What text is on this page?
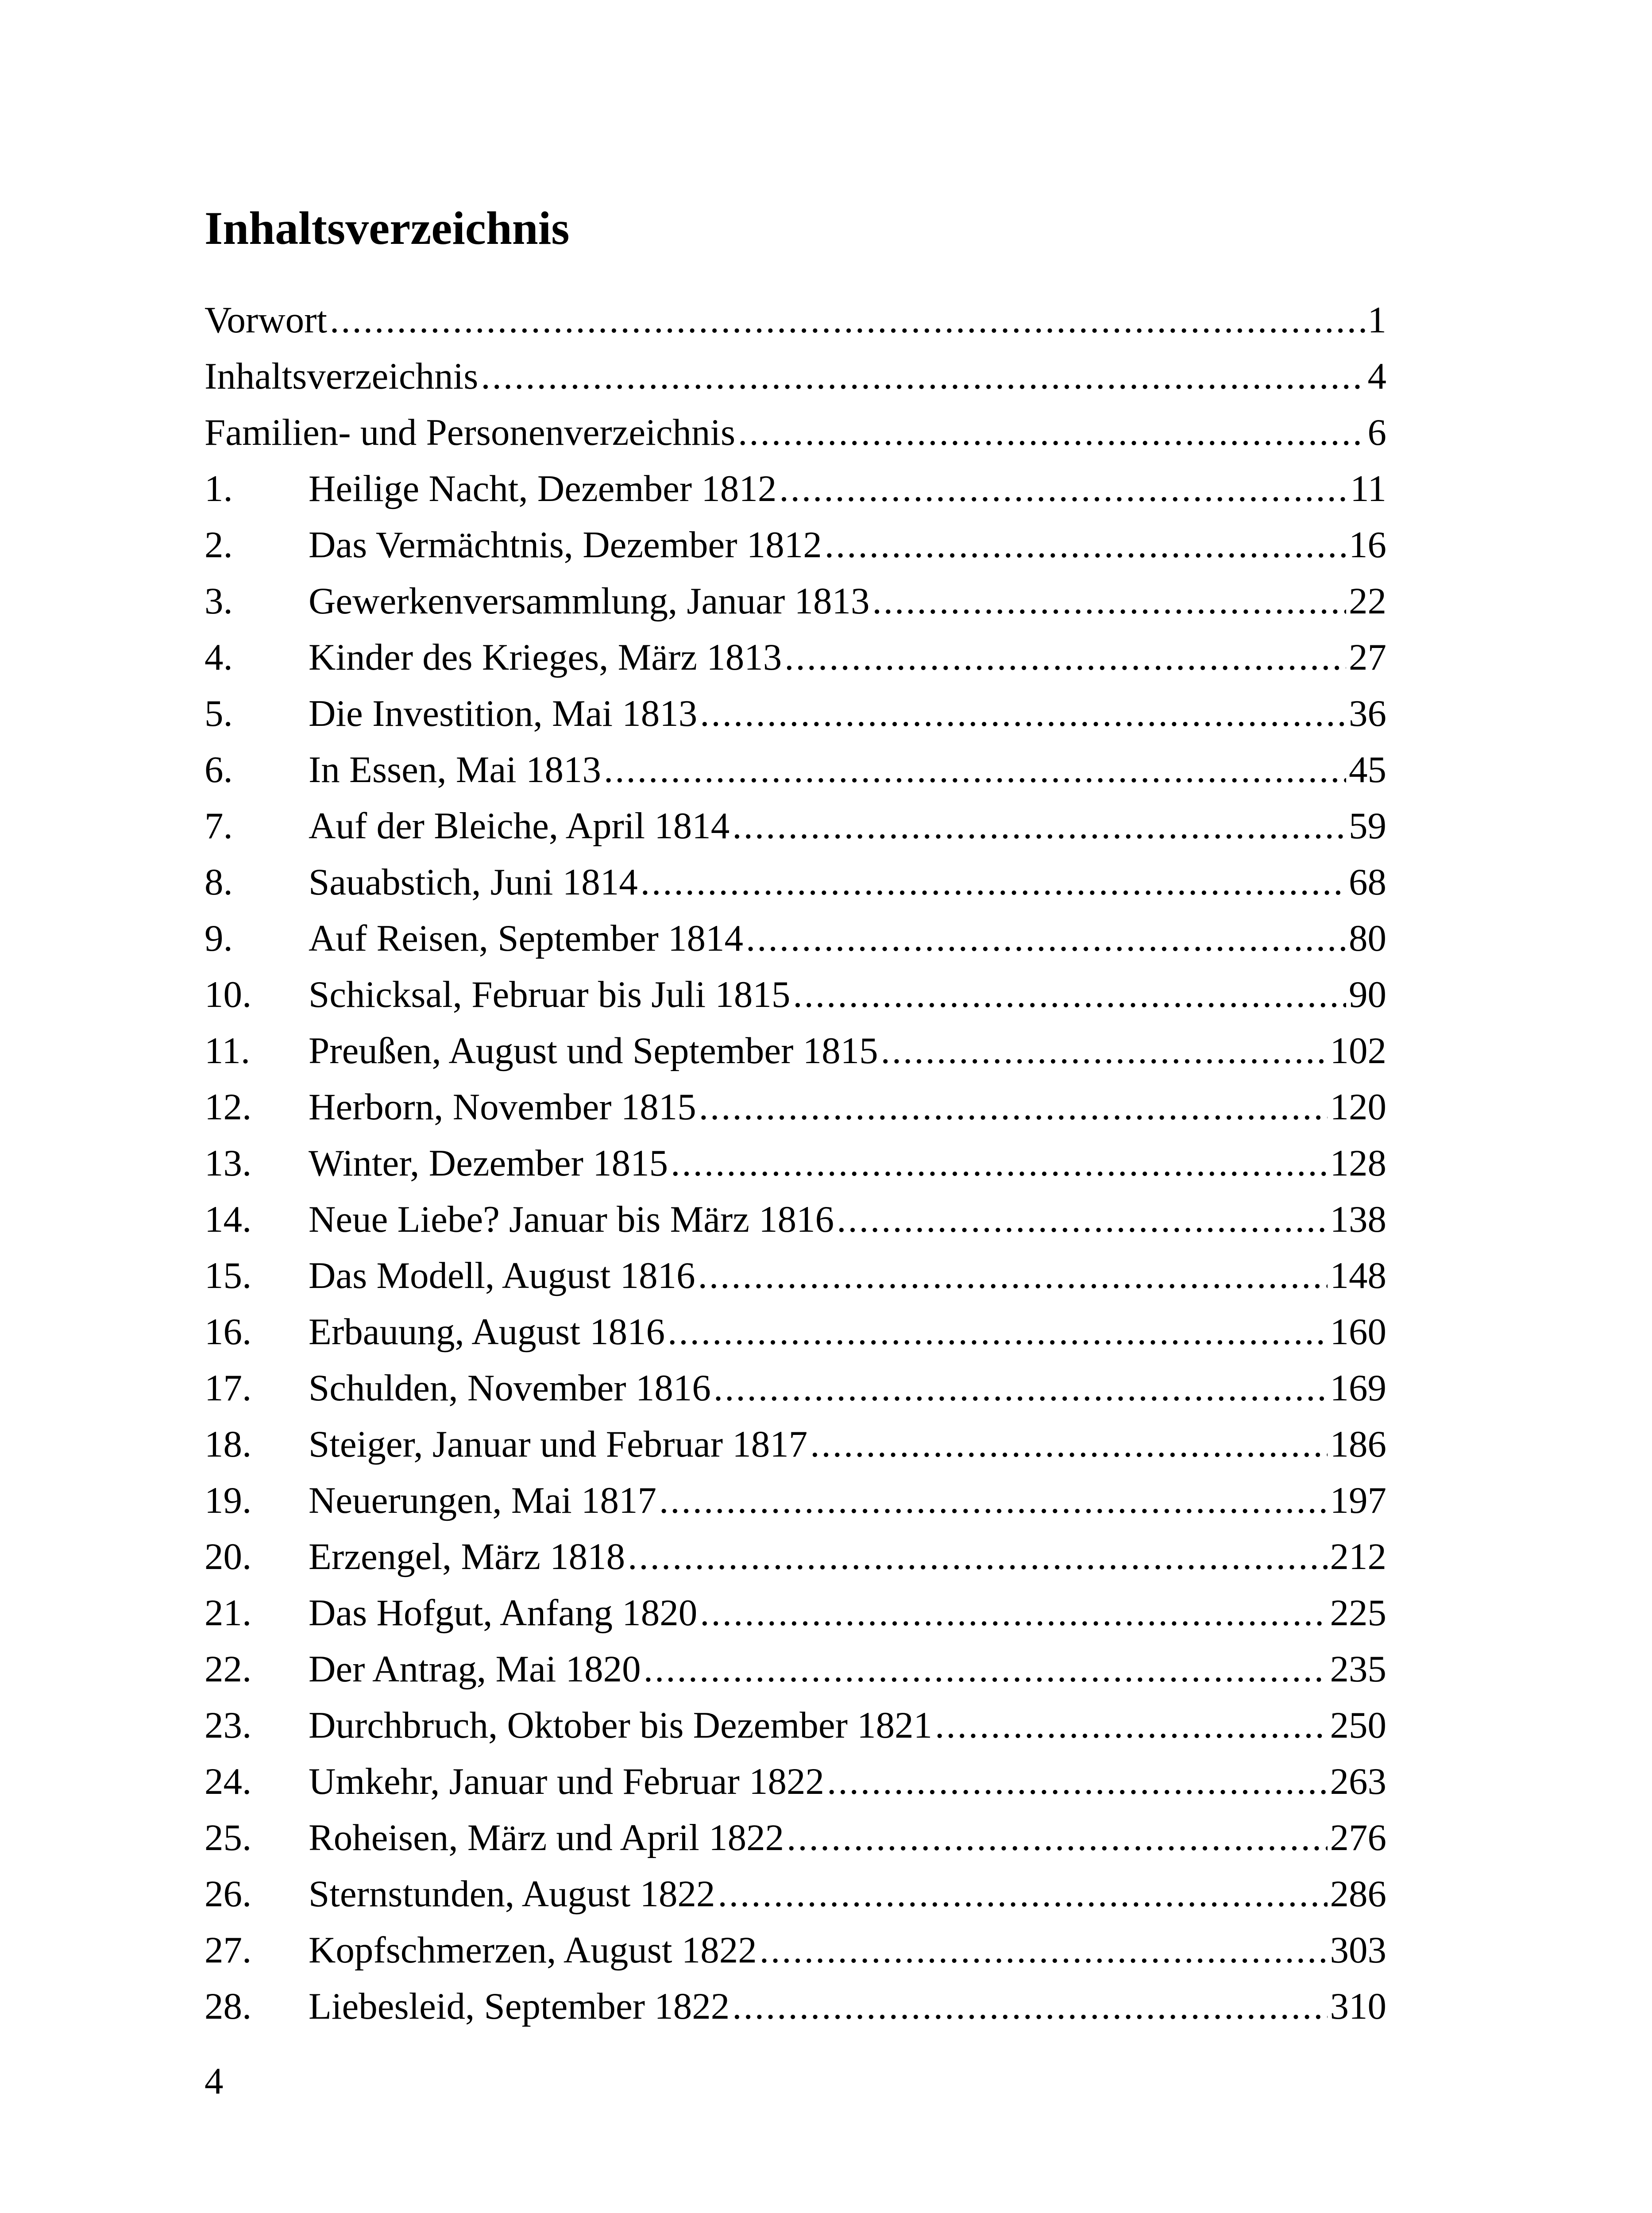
Inhaltsverzeichnis
Vorwort .....	1
Inhaltsverzeichnis .....	4
Familien- und Personenverzeichnis .....	6
1.	Heilige Nacht, Dezember 1812 .....	11
2.	Das Vermächtnis, Dezember 1812 .....	16
3.	Gewerkenversammlung, Januar 1813 .....	22
4.	Kinder des Krieges, März 1813 .....	27
5.	Die Investition, Mai 1813 .....	36
6.	In Essen, Mai 1813 .....	45
7.	Auf der Bleiche, April 1814 .....	59
8.	Sauabstich, Juni 1814 .....	68
9.	Auf Reisen, September 1814 .....	80
10.	Schicksal, Februar bis Juli 1815 .....	90
11.	Preußen, August und September 1815 .....	102
12.	Herborn, November 1815 .....	120
13.	Winter, Dezember 1815 .....	128
14.	Neue Liebe? Januar bis März 1816 .....	138
15.	Das Modell, August 1816 .....	148
16.	Erbauung, August 1816 .....	160
17.	Schulden, November 1816 .....	169
18.	Steiger, Januar und Februar 1817 .....	186
19.	Neuerungen, Mai 1817 .....	197
20.	Erzengel, März 1818 .....	212
21.	Das Hofgut, Anfang 1820 .....	225
22.	Der Antrag, Mai 1820 .....	235
23.	Durchbruch, Oktober bis Dezember 1821 .....	250
24.	Umkehr, Januar und Februar 1822 .....	263
25.	Roheisen, März und April 1822 .....	276
26.	Sternstunden, August 1822 .....	286
27.	Kopfschmerzen, August 1822 .....	303
28.	Liebesleid, September 1822 .....	310
4
